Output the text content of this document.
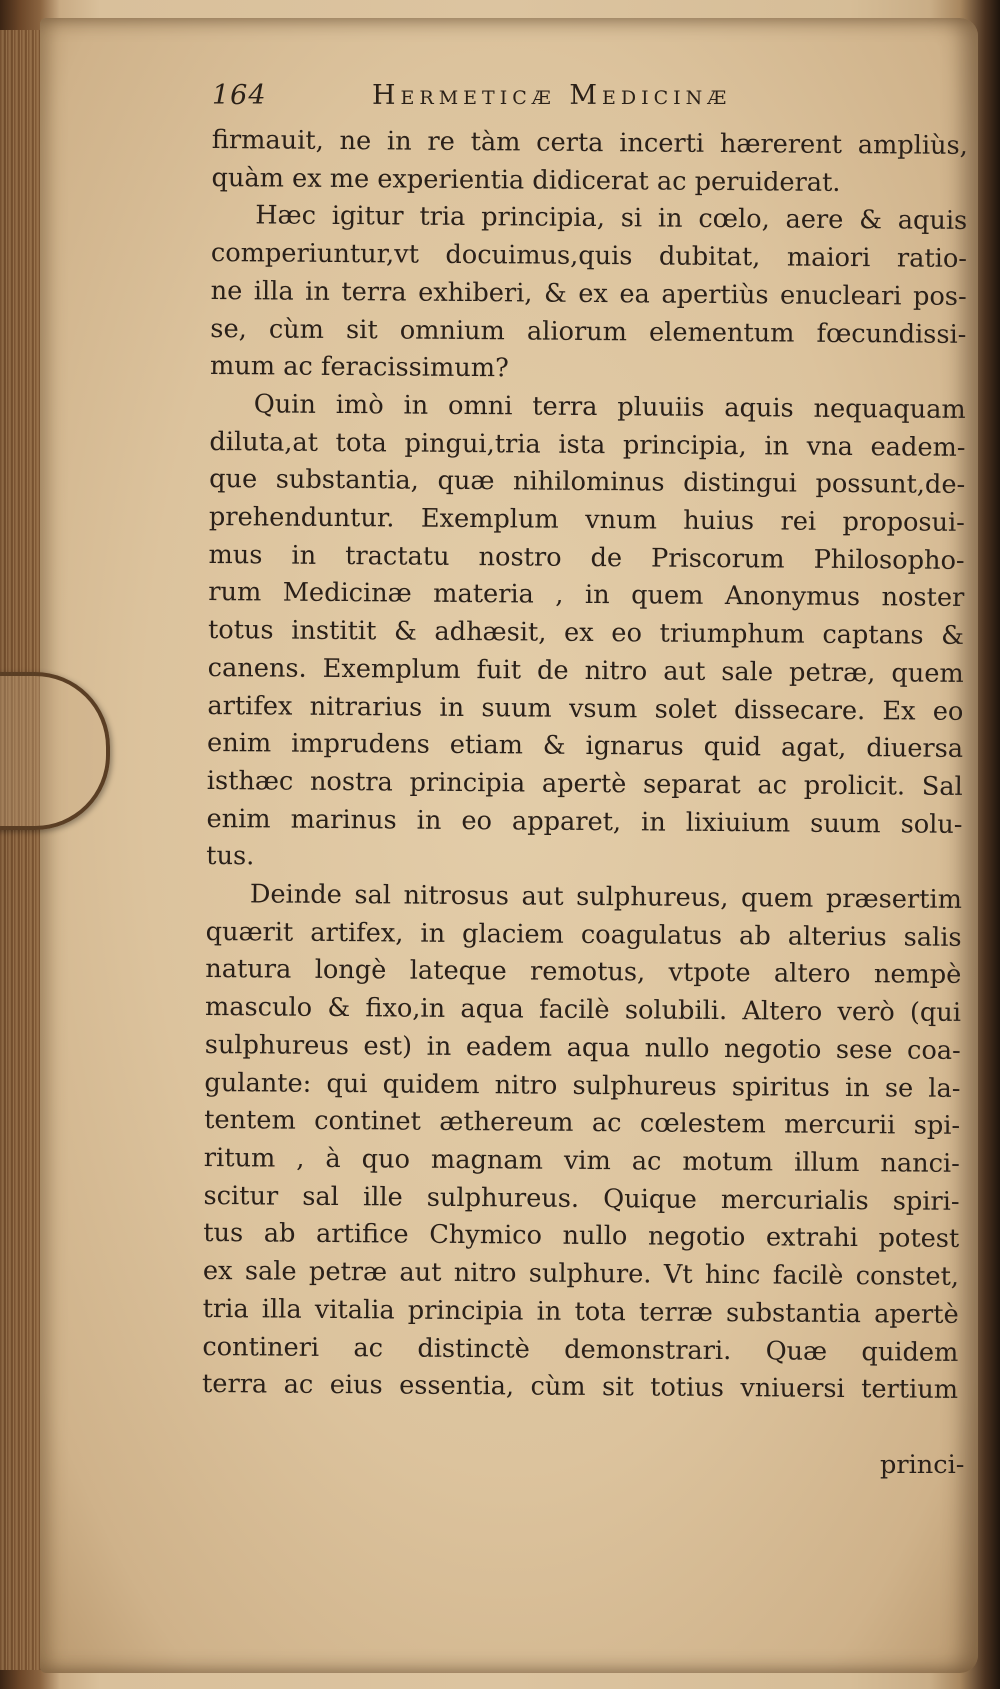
164	Hermeticæ Medicinæ
firmauit, ne in re tàm certa incerti hærerent ampliùs,
quàm ex me experientia didicerat ac peruiderat.
Hæc igitur tria principia, si in cœlo, aere & aquis
comperiuntur,vt docuimus,quis dubitat, maiori ratio-
ne illa in terra exhiberi, & ex ea apertiùs enucleari pos-
se, cùm sit omnium aliorum elementum fœcundissi-
mum ac feracissimum?
Quin imò in omni terra pluuiis aquis nequaquam
diluta,at tota pingui,tria ista principia, in vna eadem-
que substantia, quæ nihilominus distingui possunt,de-
prehenduntur. Exemplum vnum huius rei proposui-
mus in tractatu nostro de Priscorum Philosopho-
rum Medicinæ materia , in quem Anonymus noster
totus institit & adhæsit, ex eo triumphum captans &
canens. Exemplum fuit de nitro aut sale petræ, quem
artifex nitrarius in suum vsum solet dissecare. Ex eo
enim imprudens etiam & ignarus quid agat, diuersa
isthæc nostra principia apertè separat ac prolicit. Sal
enim marinus in eo apparet, in lixiuium suum solu-
tus.
Deinde sal nitrosus aut sulphureus, quem præsertim
quærit artifex, in glaciem coagulatus ab alterius salis
natura longè lateque remotus, vtpote altero nempè
masculo & fixo,in aqua facilè solubili. Altero verò (qui
sulphureus est) in eadem aqua nullo negotio sese coa-
gulante: qui quidem nitro sulphureus spiritus in se la-
tentem continet æthereum ac cœlestem mercurii spi-
ritum , à quo magnam vim ac motum illum nanci-
scitur sal ille sulphureus. Quique mercurialis spiri-
tus ab artifice Chymico nullo negotio extrahi potest
ex sale petræ aut nitro sulphure. Vt hinc facilè constet,
tria illa vitalia principia in tota terræ substantia apertè
contineri ac distinctè demonstrari. Quæ quidem
terra ac eius essentia, cùm sit totius vniuersi tertium
princi-
